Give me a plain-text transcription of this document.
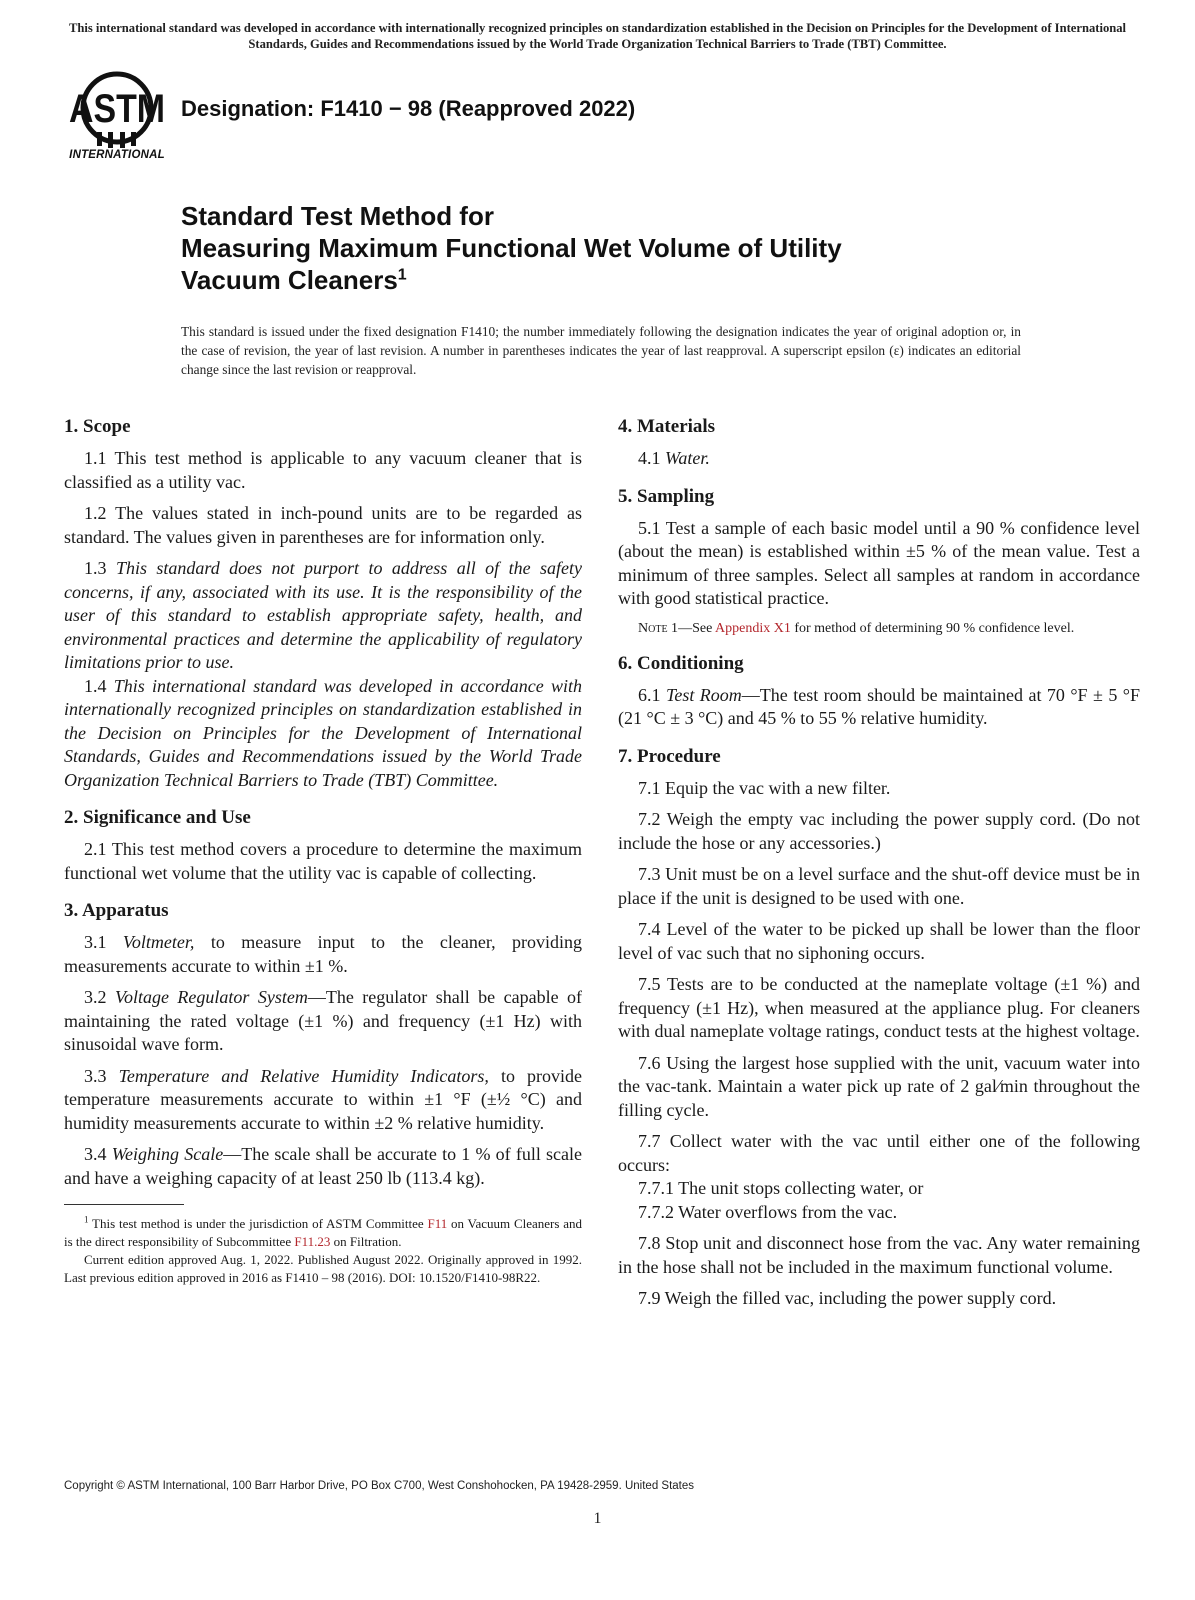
This international standard was developed in accordance with internationally recognized principles on standardization established in the Decision on Principles for the Development of International Standards, Guides and Recommendations issued by the World Trade Organization Technical Barriers to Trade (TBT) Committee.
ASTM
INTERNATIONAL
Designation: F1410 − 98 (Reapproved 2022)
Standard Test Method for
Measuring Maximum Functional Wet Volume of Utility
Vacuum Cleaners$^1$
This standard is issued under the fixed designation F1410; the number immediately following the designation indicates the year of original adoption or, in the case of revision, the year of last revision. A number in parentheses indicates the year of last reapproval. A superscript epsilon (ε) indicates an editorial change since the last revision or reapproval.
1. Scope

1.1 This test method is applicable to any vacuum cleaner that is classified as a utility vac.

1.2 The values stated in inch-pound units are to be regarded as standard. The values given in parentheses are for information only.

1.3 This standard does not purport to address all of the safety concerns, if any, associated with its use. It is the responsibility of the user of this standard to establish appropriate safety, health, and environmental practices and determine the applicability of regulatory limitations prior to use.

1.4 This international standard was developed in accordance with internationally recognized principles on standardization established in the Decision on Principles for the Development of International Standards, Guides and Recommendations issued by the World Trade Organization Technical Barriers to Trade (TBT) Committee.

2. Significance and Use

2.1 This test method covers a procedure to determine the maximum functional wet volume that the utility vac is capable of collecting.

3. Apparatus

3.1 Voltmeter, to measure input to the cleaner, providing measurements accurate to within ±1 %.

3.2 Voltage Regulator System—The regulator shall be capable of maintaining the rated voltage (±1 %) and frequency (±1 Hz) with sinusoidal wave form.

3.3 Temperature and Relative Humidity Indicators, to provide temperature measurements accurate to within ±1 °F (±½ °C) and humidity measurements accurate to within ±2 % relative humidity.

3.4 Weighing Scale—The scale shall be accurate to 1 % of full scale and have a weighing capacity of at least 250 lb (113.4 kg).

$^1$ This test method is under the jurisdiction of ASTM Committee F11 on Vacuum Cleaners and is the direct responsibility of Subcommittee F11.23 on Filtration.
Current edition approved Aug. 1, 2022. Published August 2022. Originally approved in 1992. Last previous edition approved in 2016 as F1410 – 98 (2016). DOI: 10.1520/F1410-98R22.
4. Materials

4.1 Water.

5. Sampling

5.1 Test a sample of each basic model until a 90 % confidence level (about the mean) is established within ±5 % of the mean value. Test a minimum of three samples. Select all samples at random in accordance with good statistical practice.

Note 1—See Appendix X1 for method of determining 90 % confidence level.
6. Conditioning

6.1 Test Room—The test room should be maintained at 70 °F ± 5 °F (21 °C ± 3 °C) and 45 % to 55 % relative humidity.

7. Procedure

7.1 Equip the vac with a new filter.

7.2 Weigh the empty vac including the power supply cord. (Do not include the hose or any accessories.)

7.3 Unit must be on a level surface and the shut-off device must be in place if the unit is designed to be used with one.

7.4 Level of the water to be picked up shall be lower than the floor level of vac such that no siphoning occurs.

7.5 Tests are to be conducted at the nameplate voltage (±1 %) and frequency (±1 Hz), when measured at the appliance plug. For cleaners with dual nameplate voltage ratings, conduct tests at the highest voltage.

7.6 Using the largest hose supplied with the unit, vacuum water into the vac-tank. Maintain a water pick up rate of 2 gal⁄min throughout the filling cycle.

7.7 Collect water with the vac until either one of the following occurs:

7.7.1 The unit stops collecting water, or

7.7.2 Water overflows from the vac.

7.8 Stop unit and disconnect hose from the vac. Any water remaining in the hose shall not be included in the maximum functional volume.

7.9 Weigh the filled vac, including the power supply cord.

Copyright © ASTM International, 100 Barr Harbor Drive, PO Box C700, West Conshohocken, PA 19428-2959. United States
1
